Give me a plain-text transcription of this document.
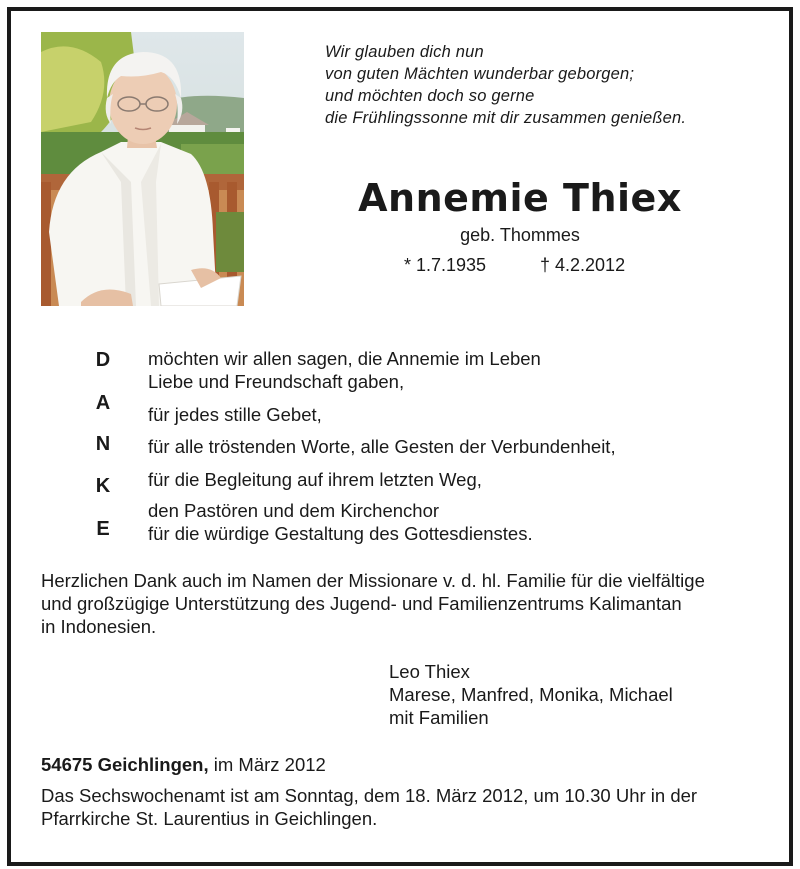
Wir glauben dich nun
von guten Mächten wunderbar geborgen;
und möchten doch so gerne
die Frühlingssonne mit dir zusammen genießen.
Annemie Thiex
geb. Thommes
* 1.7.1935	† 4.2.2012
D
A
N
K
E
möchten wir allen sagen, die Annemie im Leben
Liebe und Freundschaft gaben,
für jedes stille Gebet,
für alle tröstenden Worte, alle Gesten der Verbundenheit,
für die Begleitung auf ihrem letzten Weg,
den Pastören und dem Kirchenchor
für die würdige Gestaltung des Gottesdienstes.
Herzlichen Dank auch im Namen der Missionare v. d. hl. Familie für die vielfältige
und großzügige Unterstützung des Jugend- und Familienzentrums Kalimantan
in Indonesien.
Leo Thiex
Marese, Manfred, Monika, Michael
mit Familien
54675 Geichlingen, im März 2012
Das Sechswochenamt ist am Sonntag, dem 18. März 2012, um 10.30 Uhr in der
Pfarrkirche St. Laurentius in Geichlingen.
